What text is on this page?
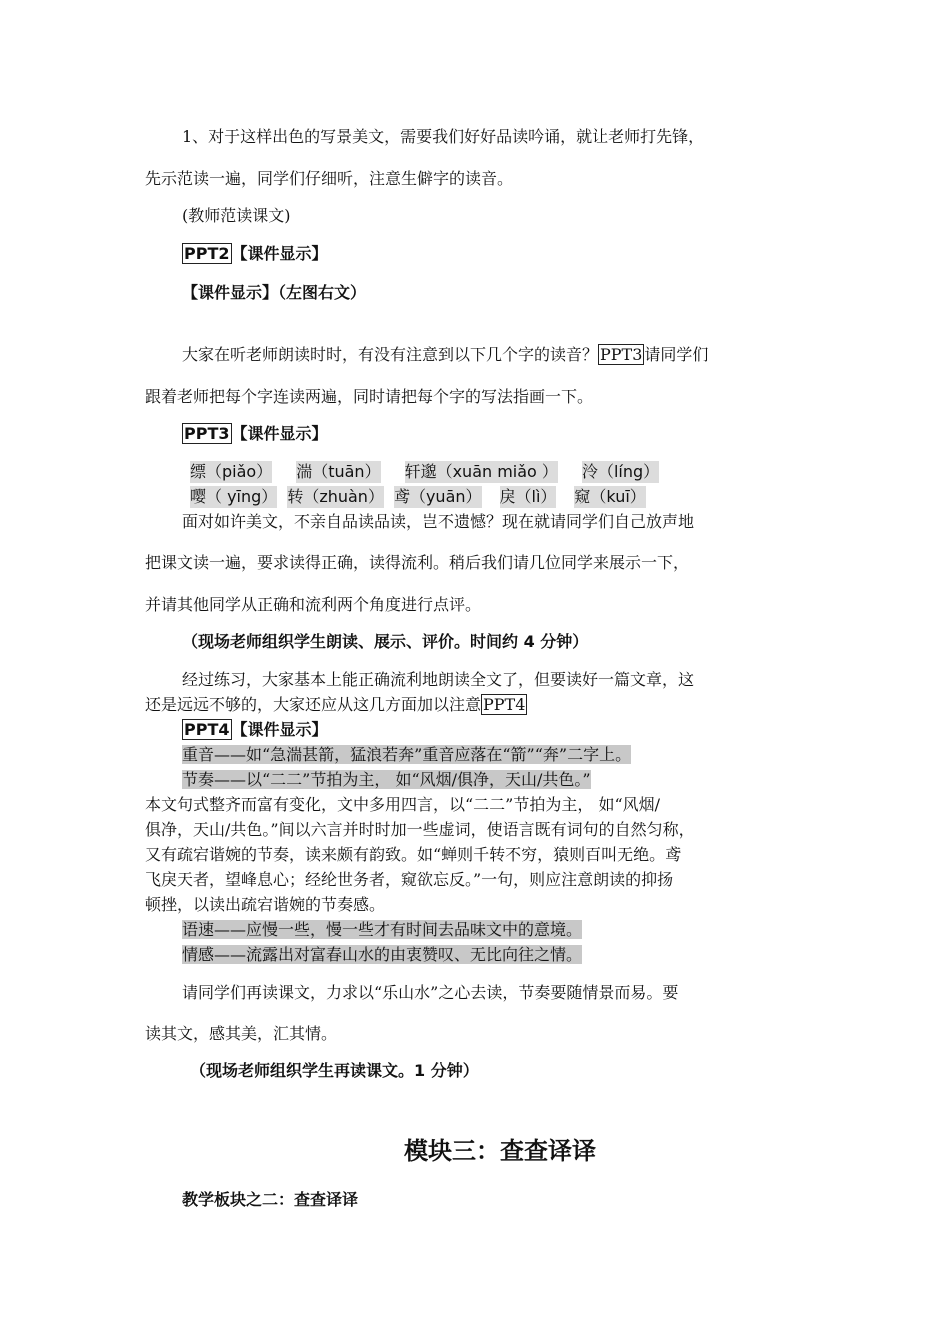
1、对于这样出色的写景美文，需要我们好好品读吟诵，就让老师打先锋，
先示范读一遍，同学们仔细听，注意生僻字的读音。
(教师范读课文)
PPT2 【课件显示】
【课件显示】（左图右文）
大家在听老师朗读时时，有没有注意到以下几个字的读音？ PPT3 请同学们
跟着老师把每个字连读两遍，同时请把每个字的写法指画一下。
PPT3 【课件显示】
缥（piǎo） 湍（tuān） 轩邈（xuān miǎo ） 泠（líng）
嘤（ yīng） 转（zhuàn） 鸢（yuān） 戾（lì） 窥（kuī）
面对如许美文，不亲自品读品读，岂不遗憾？现在就请同学们自己放声地
把课文读一遍，要求读得正确，读得流利。稍后我们请几位同学来展示一下，
并请其他同学从正确和流利两个角度进行点评。
（现场老师组织学生朗读、展示、评价。时间约 4 分钟）
经过练习，大家基本上能正确流利地朗读全文了，但要读好一篇文章，这
还是远远不够的，大家还应从这几方面加以注意 PPT4
PPT4 【课件显示】
重音——如“急湍甚箭，猛浪若奔”重音应落在“箭”“奔”二字上。
节奏——以“二二”节拍为主， 如“风烟/俱净，天山/共色。”
本文句式整齐而富有变化，文中多用四言，以“二二”节拍为主， 如“风烟/
俱净，天山/共色。”间以六言并时时加一些虚词，使语言既有词句的自然匀称，
又有疏宕谐婉的节奏，读来颇有韵致。如“蝉则千转不穷，猿则百叫无绝。鸢
飞戾天者，望峰息心；经纶世务者，窥欲忘反。”一句，则应注意朗读的抑扬
顿挫，以读出疏宕谐婉的节奏感。
语速——应慢一些，慢一些才有时间去品味文中的意境。
情感——流露出对富春山水的由衷赞叹、无比向往之情。
请同学们再读课文，力求以“乐山水”之心去读，节奏要随情景而易。要
读其文，感其美，汇其情。
（现场老师组织学生再读课文。1 分钟）
模块三：查查译译
教学板块之二：查查译译
